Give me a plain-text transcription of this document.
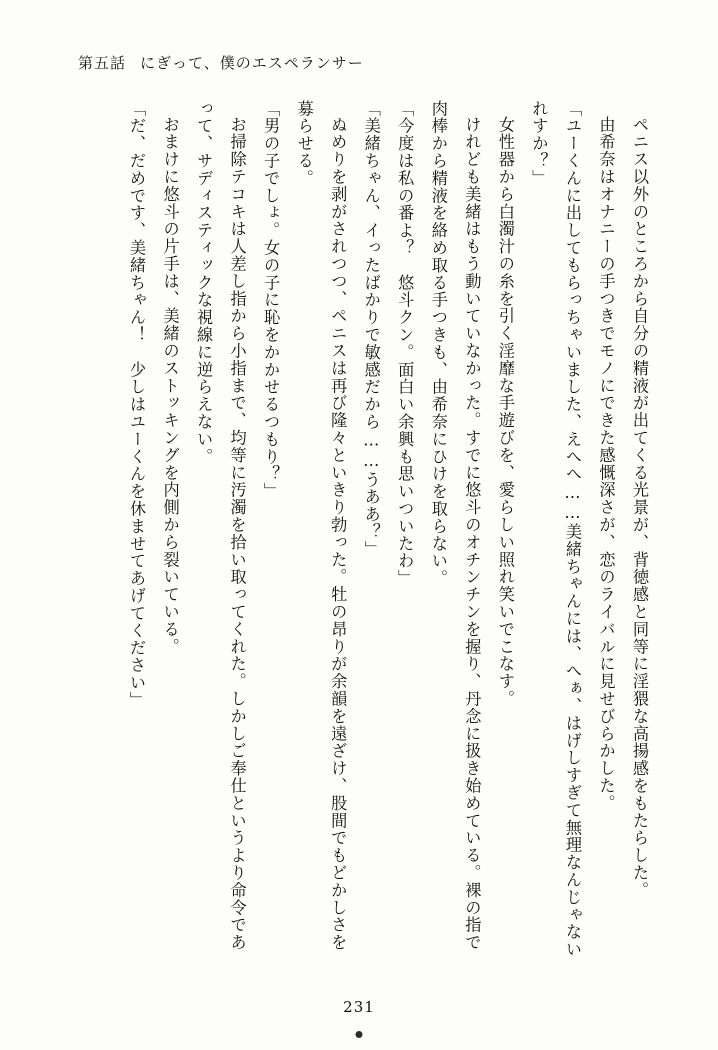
第五話 にぎって、僕のエスペランサー

ペニス以外のところから自分の精液が出てくる光景が、背徳感と同等に淫猥な高揚感をもたらした。

由希奈はオナニーの手つきでモノにできた感慨深さが、恋のライバルに見せびらかした。

「ユーくんに出してもらっちゃいました、えへへ……美緒ちゃんには、へぁ、はげしすぎて無理なんじゃないれすか？」

女性器から白濁汁の糸を引く淫靡な手遊びを、愛らしい照れ笑いでこなす。

けれども美緒はもう動いていなかった。すでに悠斗のオチンチンを握り、丹念に扱き始めている。裸の指で肉棒から精液を絡め取る手つきも、由希奈にひけを取らない。

「今度は私の番よ？　悠斗クン。面白い余興も思いついたわ」

「美緒ちゃん、イったばかりで敏感だから……うああ？」

ぬめりを剥がされつつ、ペニスは再び隆々といきり勃った。牡の昂りが余韻を遠ざけ、股間でもどかしさを募らせる。

「男の子でしょ。女の子に恥をかかせるつもり？」

お掃除テコキは人差し指から小指まで、均等に汚濁を拾い取ってくれた。しかしご奉仕というより命令であって、サディスティックな視線に逆らえない。

おまけに悠斗の片手は、美緒のストッキングを内側から裂いている。

「だ、だめです、美緒ちゃん！　少しはユーくんを休ませてあげてください」

231
